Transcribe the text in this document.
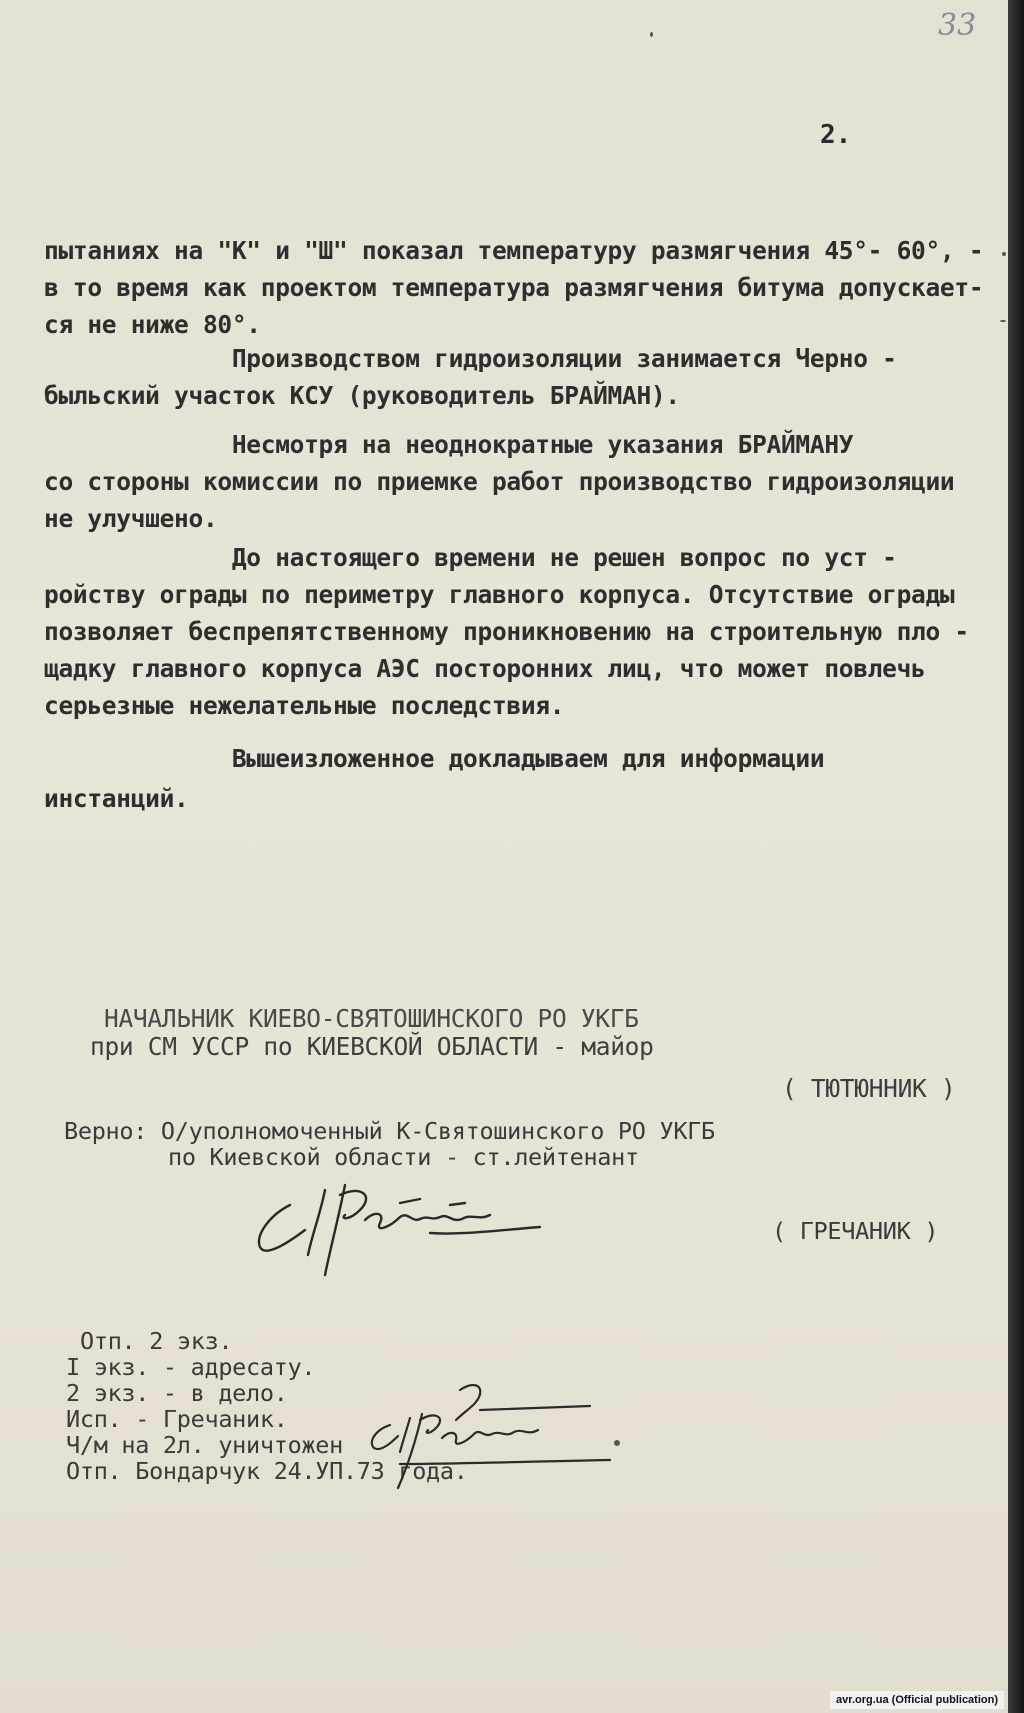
33
2.
пытаниях на "К" и "Ш" показал температуру размягчения 45°- 60°, -
в то время как проектом температура размягчения битума допускает-
ся не ниже 80°.
Производством гидроизоляции занимается Черно -
быльский участок КСУ (руководитель БРАЙМАН).
Несмотря на неоднократные указания БРАЙМАНУ
со стороны комиссии по приемке работ производство гидроизоляции
не улучшено.
До настоящего времени не решен вопрос по уст -
ройству ограды по периметру главного корпуса. Отсутствие ограды
позволяет беспрепятственному проникновению на строительную пло -
щадку главного корпуса АЭС посторонних лиц, что может повлечь
серьезные нежелательные последствия.
Вышеизложенное докладываем для информации
инстанций.
НАЧАЛЬНИК КИЕВО-СВЯТОШИНСКОГО РО УКГБ
при СМ УССР по КИЕВСКОЙ ОБЛАСТИ - майор
( ТЮТЮННИК )
Верно: О/уполномоченный К-Святошинского РО УКГБ
по Киевской области - ст.лейтенант
( ГРЕЧАНИК )
Отп. 2 экз.
I экз. - адресату.
2 экз. - в дело.
Исп. - Гречаник.
Ч/м на 2л. уничтожен
Отп. Бондарчук 24.УП.73 года.
avr.org.ua (Official publication)
